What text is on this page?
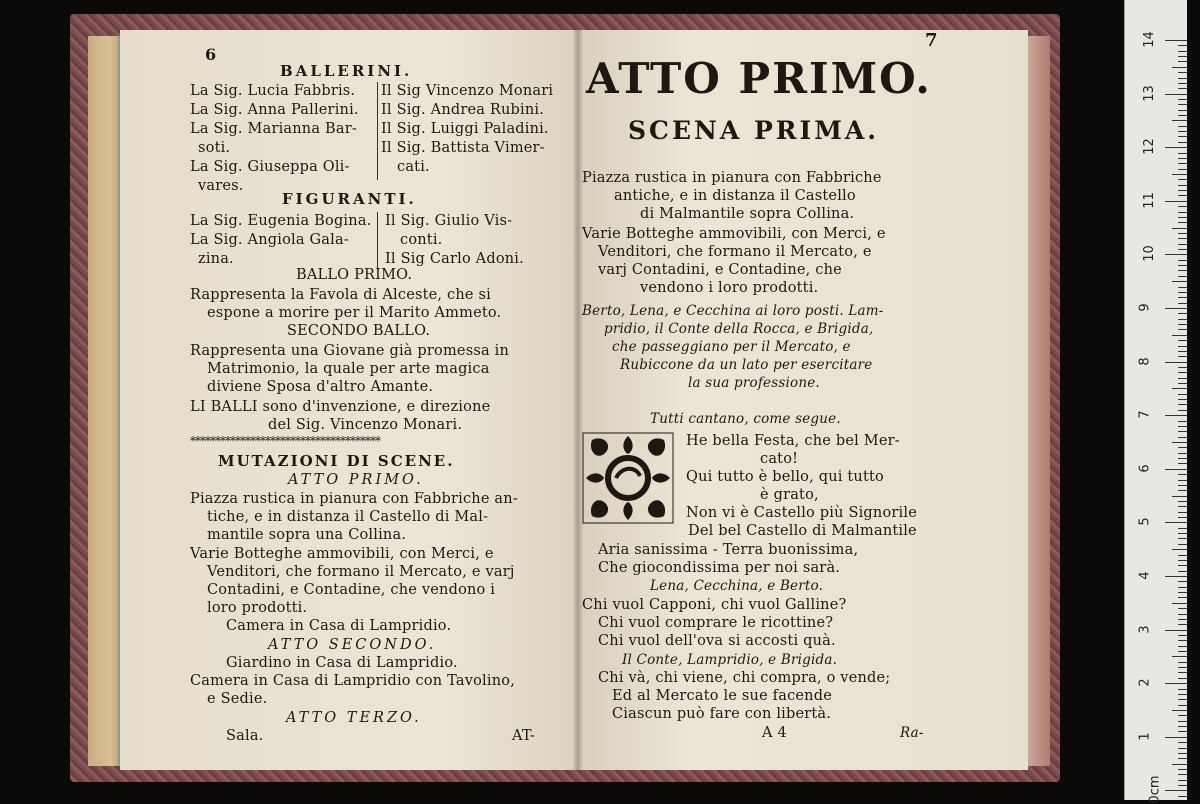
6
BALLERINI.
La Sig. Lucia Fabbris.
La Sig. Anna Pallerini.
La Sig. Marianna Bar-
soti.
La Sig. Giuseppa Oli-
vares.
Il Sig Vincenzo Monari
Il Sig. Andrea Rubini.
Il Sig. Luiggi Paladini.
Il Sig. Battista Vimer-
cati.
FIGURANTI.
La Sig. Eugenia Bogina.
La Sig. Angiola Gala-
zina.
Il Sig. Giulio Vis-
conti.
Il Sig Carlo Adoni.
BALLO PRIMO.
Rappresenta la Favola di Alceste, che si
espone a morire per il Marito Ammeto.
SECONDO BALLO.
Rappresenta una Giovane già promessa in
Matrimonio, la quale per arte magica
diviene Sposa d'altro Amante.
LI BALLI sono d'invenzione, e direzione
del Sig. Vincenzo Monari.
**************************************
MUTAZIONI DI SCENE.
ATTO PRIMO.
Piazza rustica in pianura con Fabbriche an-
tiche, e in distanza il Castello di Mal-
mantile sopra una Collina.
Varie Botteghe ammovibili, con Merci, e
Venditori, che formano il Mercato, e varj
Contadini, e Contadine, che vendono i
loro prodotti.
Camera in Casa di Lampridio.
ATTO SECONDO.
Giardino in Casa di Lampridio.
Camera in Casa di Lampridio con Tavolino,
e Sedie.
ATTO TERZO.
Sala.	AT-
7
ATTO PRIMO.
SCENA PRIMA.
Piazza rustica in pianura con Fabbriche
antiche, e in distanza il Castello
di Malmantile sopra Collina.
Varie Botteghe ammovibili, con Merci, e
Venditori, che formano il Mercato, e
varj Contadini, e Contadine, che
vendono i loro prodotti.
Berto, Lena, e Cecchina ai loro posti. Lam-
pridio, il Conte della Rocca, e Brigida,
che passeggiano per il Mercato, e
Rubiccone da un lato per esercitare
la sua professione.
Tutti cantano, come segue.
He bella Festa, che bel Mer-
cato!
Qui tutto è bello, qui tutto
è grato,
Non vi è Castello più Signorile
Del bel Castello di Malmantile
Aria sanissima - Terra buonissima,
Che giocondissima per noi sarà.
Lena, Cecchina, e Berto.
Chi vuol Capponi, chi vuol Galline?
Chi vuol comprare le ricottine?
Chi vuol dell'ova si accosti quà.
Il Conte, Lampridio, e Brigida.
Chi và, chi viene, chi compra, o vende;
Ed al Mercato le sue facende
Ciascun può fare con libertà.
A 4	Ra-
14
13
12
11
10
9
8
7
6
5
4
3
2
1
0cm
